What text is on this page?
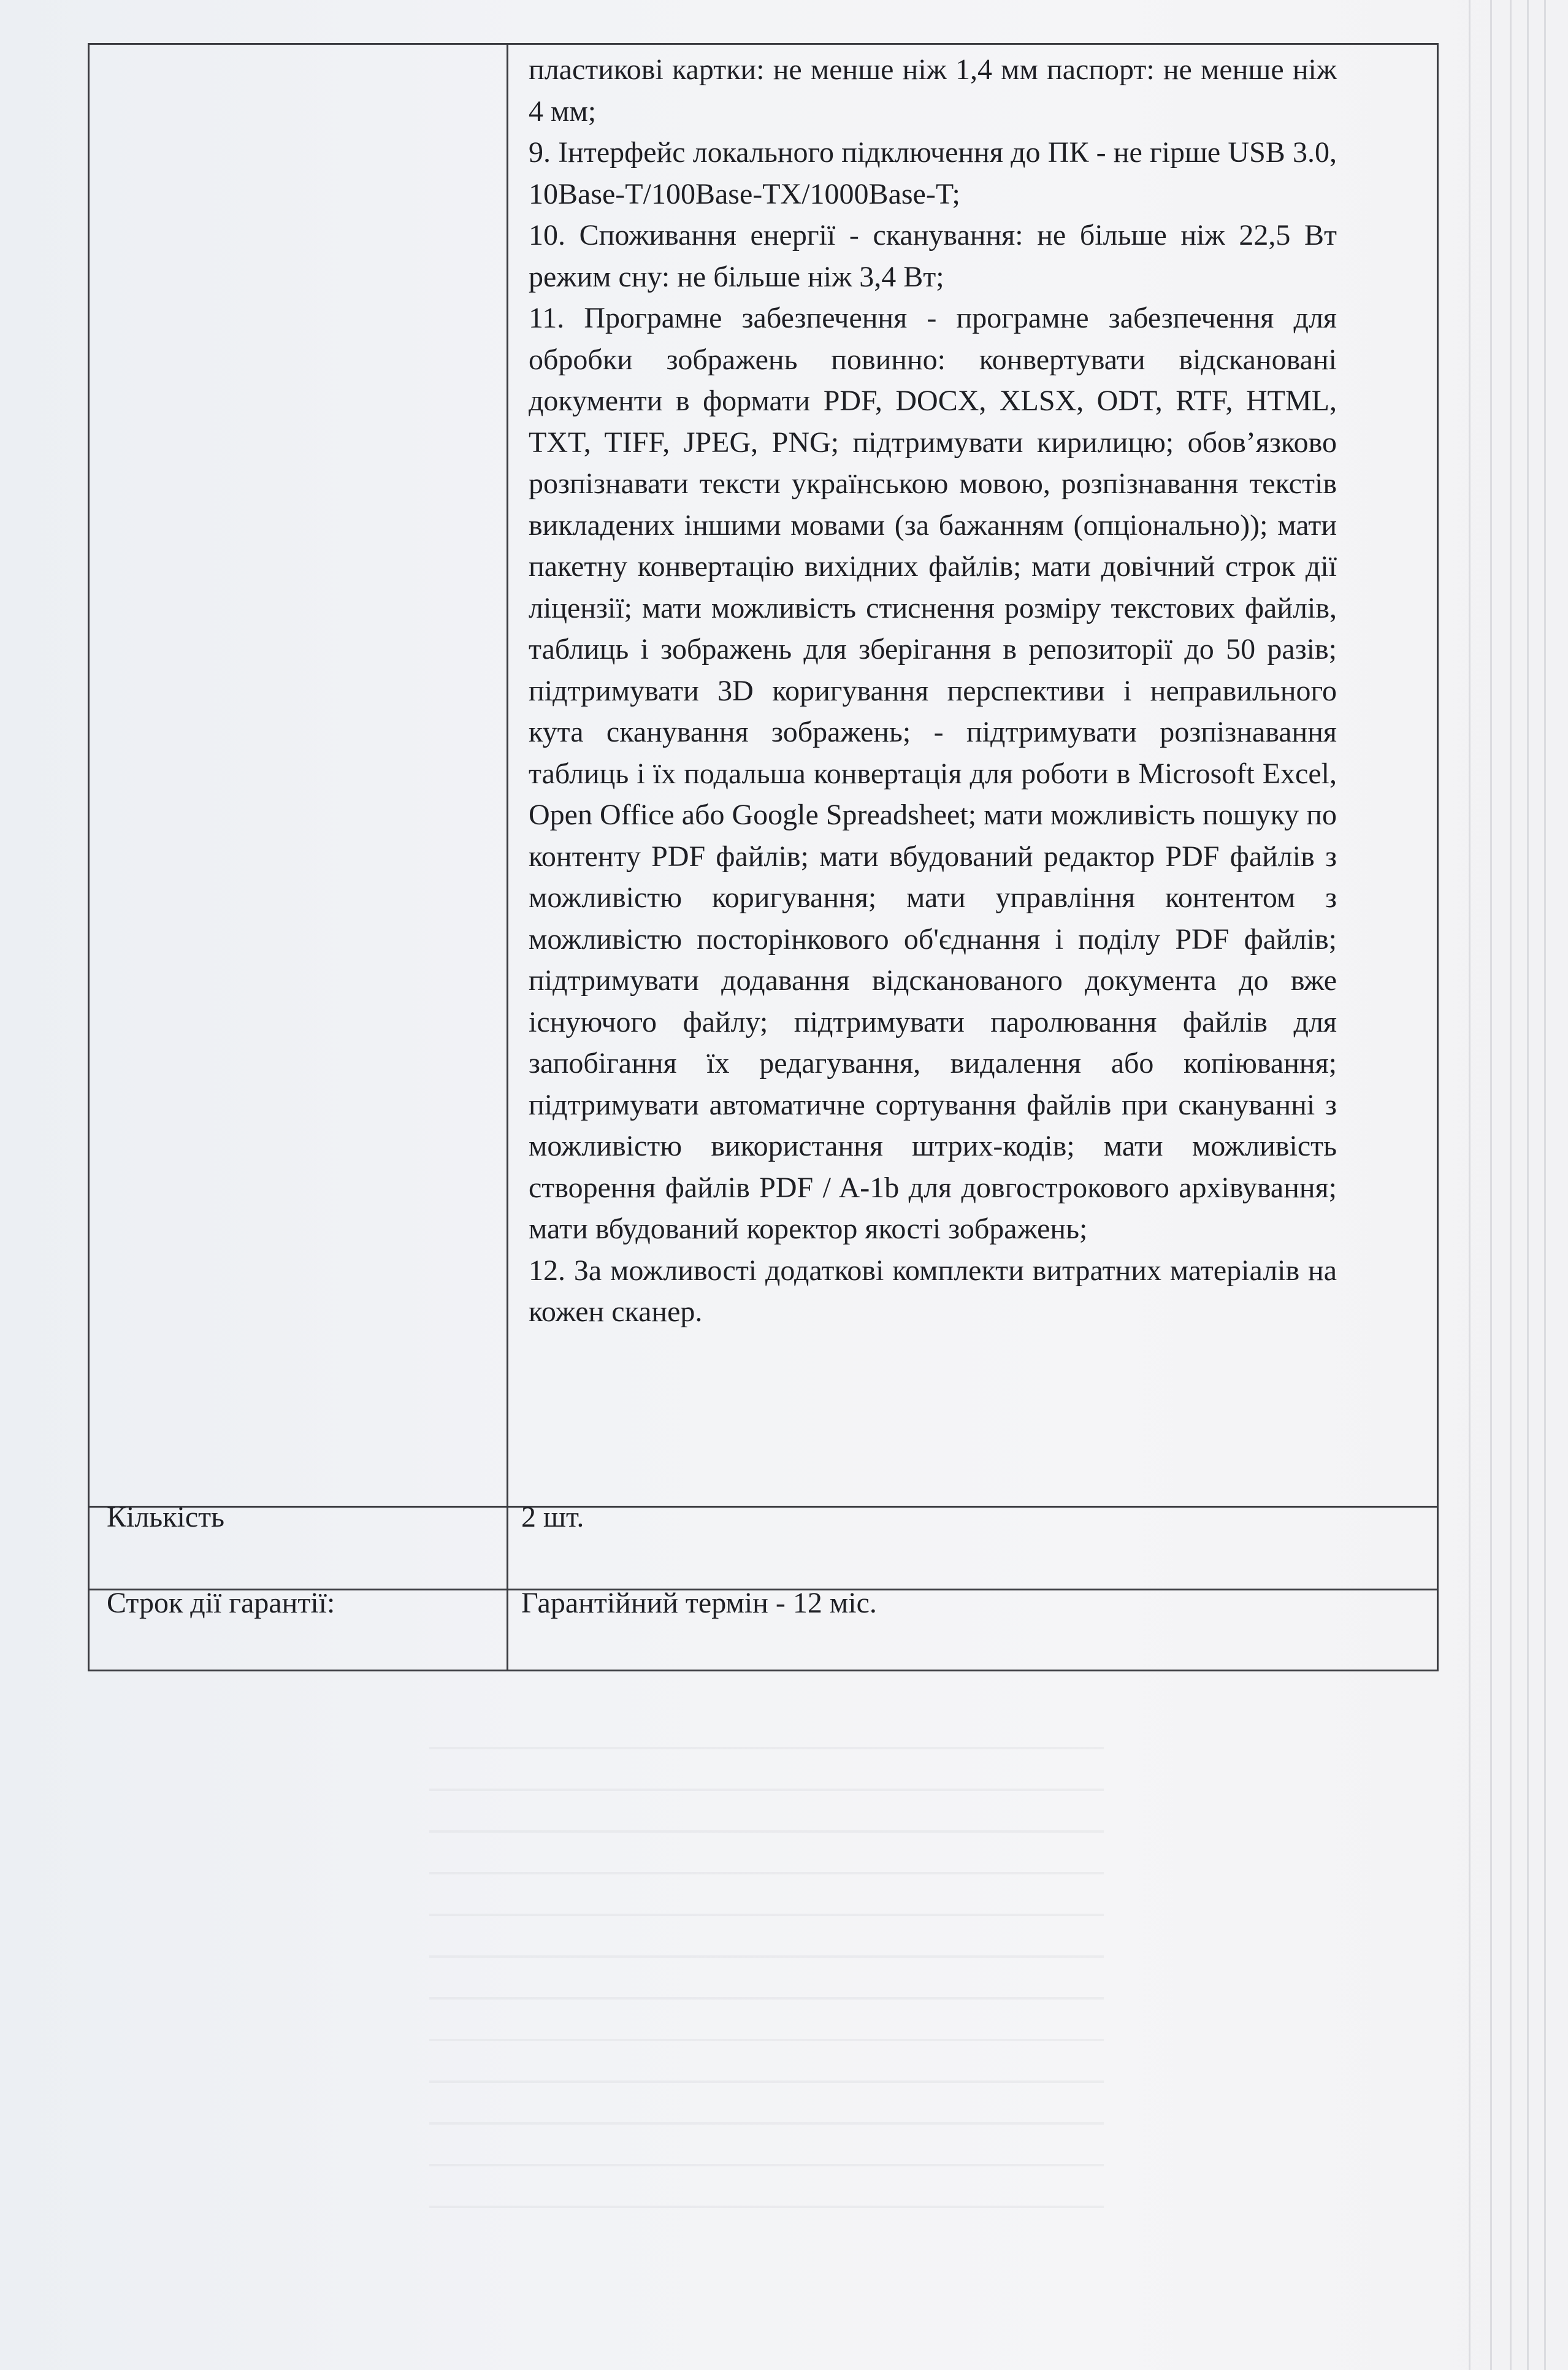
пластикові картки: не менше ніж 1,4 мм паспорт: не менше ніж 4 мм;

9. Інтерфейс локального підключення до ПК - не гірше USB 3.0, 10Base-T/100Base-TX/1000Base-T;

10. Споживання енергії - сканування: не більше ніж 22,5 Вт режим сну: не більше ніж 3,4 Вт;

11. Програмне забезпечення - програмне забезпечення для обробки зображень повинно: конвертувати відскановані документи в формати PDF, DOCX, XLSX, ODT, RTF, HTML, TXT, TIFF, JPEG, PNG; підтримувати кирилицю; обов’язково розпізнавати тексти українською мовою, розпізнавання текстів викладених іншими мовами (за бажанням (опціонально)); мати пакетну конвертацію вихідних файлів; мати довічний строк дії ліцензії; мати можливість стиснення розміру текстових файлів, таблиць і зображень для зберігання в репозиторії до 50 разів; підтримувати 3D коригування перспективи і неправильного кута сканування зображень; - підтримувати розпізнавання таблиць і їх подальша конвертація для роботи в Microsoft Excel, Open Office або Google Spreadsheet; мати можливість пошуку по контенту PDF файлів; мати вбудований редактор PDF файлів з можливістю коригування; мати управління контентом з можливістю посторінкового об'єднання і поділу PDF файлів; підтримувати додавання відсканованого документа до вже існуючого файлу; підтримувати паролювання файлів для запобігання їх редагування, видалення або копіювання; підтримувати автоматичне сортування файлів при скануванні з можливістю використання штрих-кодів; мати можливість створення файлів PDF / A-1b для довгострокового архівування; мати вбудований коректор якості зображень;

12. За можливості додаткові комплекти витратних матеріалів на кожен сканер.

Кількість	2 шт.
Строк дії гарантії:	Гарантійний термін - 12 міс.
